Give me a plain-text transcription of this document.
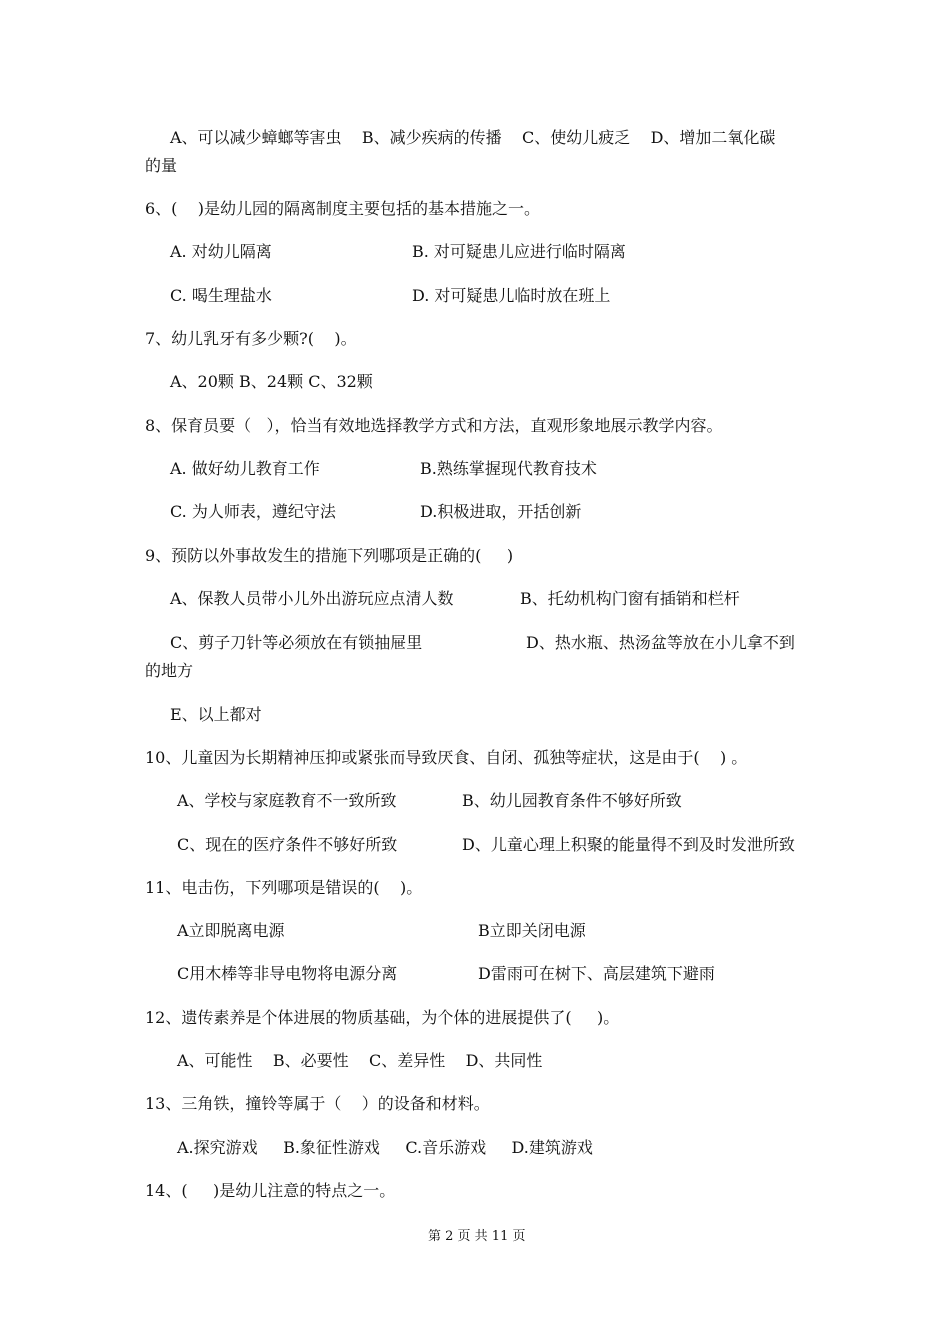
A、可以减少蟑螂等害虫    B、减少疾病的传播    C、使幼儿疲乏    D、增加二氧化碳
的量
6、(    )是幼儿园的隔离制度主要包括的基本措施之一。
A. 对幼儿隔离	B. 对可疑患儿应进行临时隔离
C. 喝生理盐水	D. 对可疑患儿临时放在班上
7、幼儿乳牙有多少颗?(    )。
A、20颗 B、24颗 C、32颗
8、保育员要（   ），恰当有效地选择教学方式和方法，直观形象地展示教学内容。
A. 做好幼儿教育工作	B.熟练掌握现代教育技术
C. 为人师表，遵纪守法	D.积极进取，开括创新
9、预防以外事故发生的措施下列哪项是正确的(     )
A、保教人员带小儿外出游玩应点清人数	B、托幼机构门窗有插销和栏杆
C、剪子刀针等必须放在有锁抽屉里	D、热水瓶、热汤盆等放在小儿拿不到
的地方
E、以上都对
10、儿童因为长期精神压抑或紧张而导致厌食、自闭、孤独等症状，这是由于(    ) 。
A、学校与家庭教育不一致所致	B、幼儿园教育条件不够好所致
C、现在的医疗条件不够好所致	D、儿童心理上积聚的能量得不到及时发泄所致
11、电击伤，下列哪项是错误的(    )。
A立即脱离电源	B立即关闭电源
C用木棒等非导电物将电源分离	D雷雨可在树下、高层建筑下避雨
12、遗传素养是个体进展的物质基础，为个体的进展提供了(     )。
A、可能性    B、必要性    C、差异性    D、共同性
13、三角铁，撞铃等属于（    ）的设备和材料。
A.探究游戏     B.象征性游戏     C.音乐游戏     D.建筑游戏
14、(     )是幼儿注意的特点之一。
第 2 页 共 11 页
